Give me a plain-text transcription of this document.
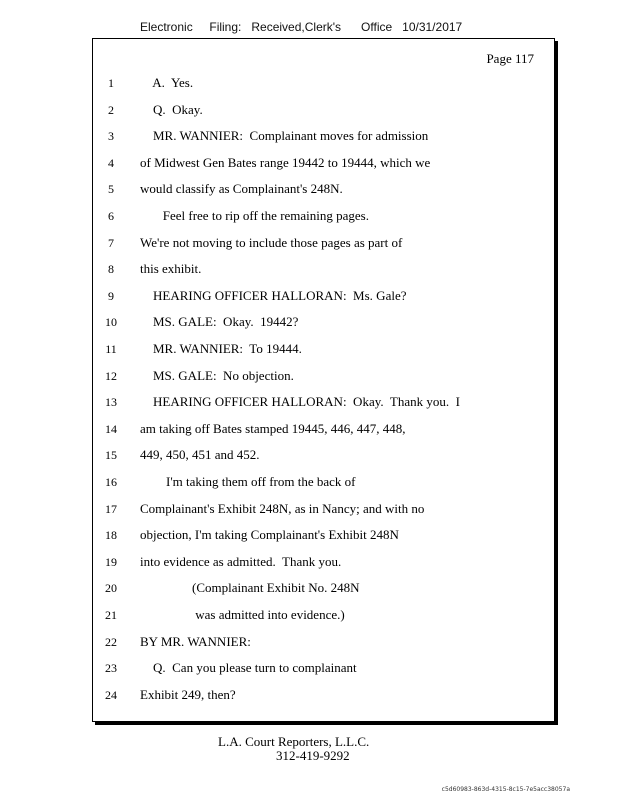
Electronic     Filing:   Received,Clerk's      Office   10/31/2017
Page 117
1	A.  Yes.
2	Q.  Okay.
3	MR. WANNIER:  Complainant moves for admission
4	of Midwest Gen Bates range 19442 to 19444, which we
5	would classify as Complainant's 248N.
6	Feel free to rip off the remaining pages.
7	We're not moving to include those pages as part of
8	this exhibit.
9	HEARING OFFICER HALLORAN:  Ms. Gale?
10	MS. GALE:  Okay.  19442?
11	MR. WANNIER:  To 19444.
12	MS. GALE:  No objection.
13	HEARING OFFICER HALLORAN:  Okay.  Thank you.  I
14	am taking off Bates stamped 19445, 446, 447, 448,
15	449, 450, 451 and 452.
16	I'm taking them off from the back of
17	Complainant's Exhibit 248N, as in Nancy; and with no
18	objection, I'm taking Complainant's Exhibit 248N
19	into evidence as admitted.  Thank you.
20	(Complainant Exhibit No. 248N
21	was admitted into evidence.)
22	BY MR. WANNIER:
23	Q.  Can you please turn to complainant
24	Exhibit 249, then?
L.A. Court Reporters, L.L.C.
312-419-9292
c5d60983-863d-4315-8c15-7e5acc38057a
